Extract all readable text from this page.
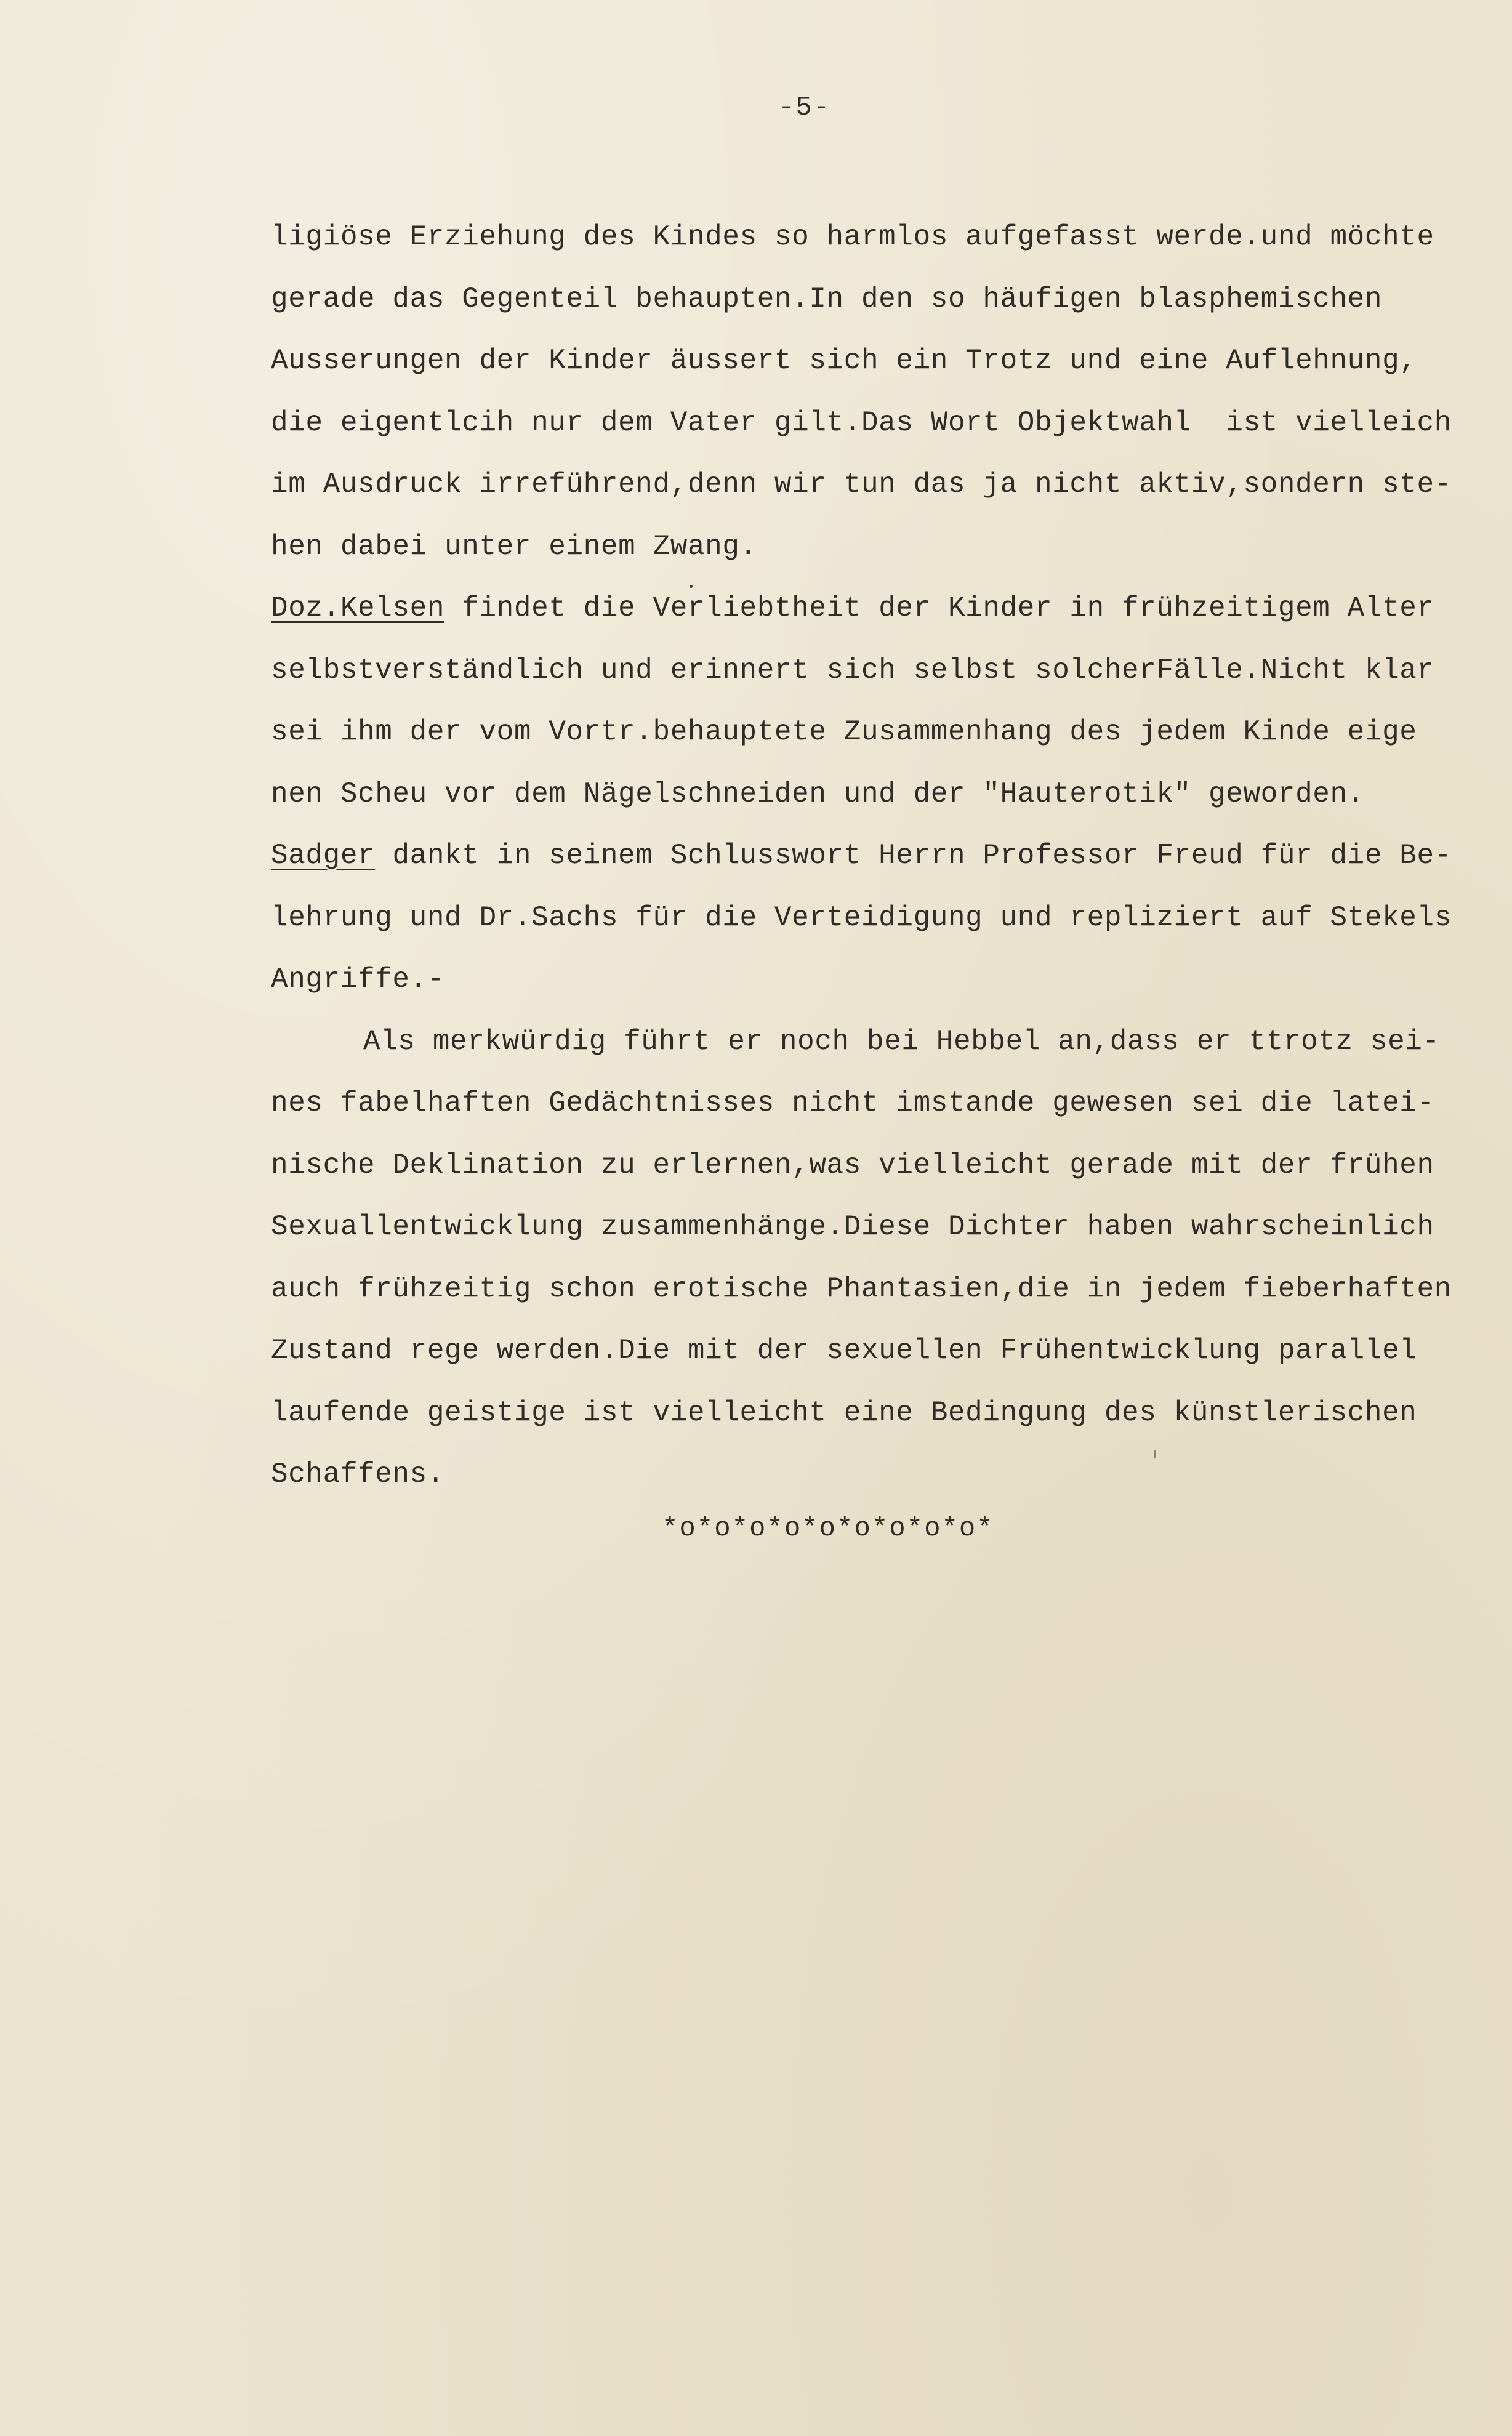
-5-
ligiöse Erziehung des Kindes so harmlos aufgefasst werde.und möchte
gerade das Gegenteil behaupten.In den so häufigen blasphemischen
Ausserungen der Kinder äussert sich ein Trotz und eine Auflehnung,
die eigentlcih nur dem Vater gilt.Das Wort Objektwahl  ist vielleich
im Ausdruck irreführend,denn wir tun das ja nicht aktiv,sondern ste-
hen dabei unter einem Zwang.
Doz.Kelsen findet die Verliebtheit der Kinder in frühzeitigem Alter
selbstverständlich und erinnert sich selbst solcherFälle.Nicht klar
sei ihm der vom Vortr.behauptete Zusammenhang des jedem Kinde eige
nen Scheu vor dem Nägelschneiden und der "Hauterotik" geworden.
Sadger dankt in seinem Schlusswort Herrn Professor Freud für die Be-
lehrung und Dr.Sachs für die Verteidigung und repliziert auf Stekels
Angriffe.-
Als merkwürdig führt er noch bei Hebbel an,dass er ttrotz sei-
nes fabelhaften Gedächtnisses nicht imstande gewesen sei die latei-
nische Deklination zu erlernen,was vielleicht gerade mit der frühen
Sexuallentwicklung zusammenhänge.Diese Dichter haben wahrscheinlich
auch frühzeitig schon erotische Phantasien,die in jedem fieberhaften
Zustand rege werden.Die mit der sexuellen Frühentwicklung parallel
laufende geistige ist vielleicht eine Bedingung des künstlerischen
Schaffens.
*o*o*o*o*o*o*o*o*o*
